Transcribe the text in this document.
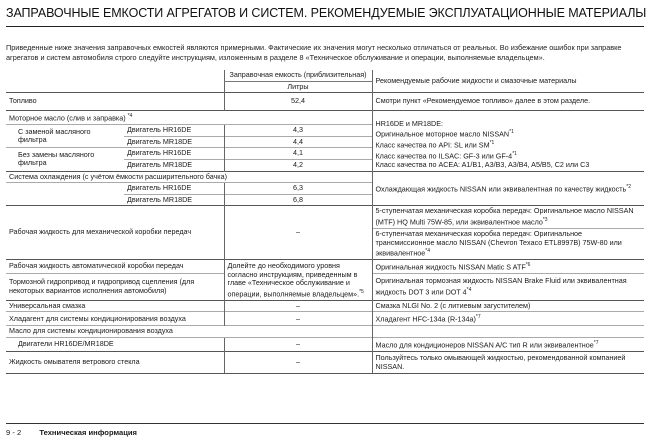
ЗАПРАВОЧНЫЕ ЕМКОСТИ АГРЕГАТОВ И СИСТЕМ. РЕКОМЕНДУЕМЫЕ ЭКСПЛУАТАЦИОННЫЕ МАТЕРИАЛЫ
Приведенные ниже значения заправочных емкостей являются примерными. Фактические их значения могут несколько отличаться от реальных. Во избежание ошибок при заправке агрегатов и систем автомобиля строго следуйте инструкциям, изложенным в разделе 8 «Техническое обслуживание и операции, выполняемые владельцем».
		Заправочная емкость (приблизительная)	Рекомендуемые рабочие жидкости и смазочные материалы
		Литры	
Топливо		52,4	Смотри пункт «Рекомендуемое топливо» далее в этом разделе.
Моторное масло (слив и заправка) $^{*4}$			HR16DE и MR18DE:
Оригинальное моторное масло NISSAN$^{*1}$
Класс качества по API: SL или SM$^{*1}$
Класс качества по ILSAC: GF-3 или GF-4$^{*1}$
Класс качества по ACEA: A1/B1, A3/B3, A3/B4, A5/B5, C2 или C3

С заменой масляного фильтра	Двигатель HR16DE	4,3	
	Двигатель MR18DE	4,4	
Без замены масляного фильтра	Двигатель HR16DE	4,1	
	Двигатель MR18DE	4,2	
Система охлаждения (с учётом ёмкости расширительного бачка)			Охлаждающая жидкость NISSAN или эквивалентная по качеству жидкость$^{*2}$
	Двигатель HR16DE	6,3	
	Двигатель MR18DE	6,8	
Рабочая жидкость для механической коробки передач		–	5-ступенчатая механическая коробка передач: Оригинальное масло NISSAN (MTF) HQ Multi 75W-85, или эквивалентное масло$^{*3}$
			6-ступенчатая механическая коробка передач: Оригинальное трансмиссионное масло NISSAN (Chevron Texaco ETL8997B) 75W-80 или эквивалентное$^{*4}$
Рабочая жидкость автоматической коробки передач		Долейте до необходимого уровня согласно инструкциям, приведенным в главе «Техническое обслуживание и операции, выполняемые владельцем».$^{*5}$	Оригинальная жидкость NISSAN Matic S ATF$^{*6}$
Тормозной гидропривод и гидропривод сцепления (для некоторых вариантов исполнения автомобиля)			Оригинальная тормозная жидкость NISSAN Brake Fluid или эквивалентная жидкость DOT 3 или DOT 4$^{*4}$
Универсальная смазка		–	Смазка NLGI No. 2 (с литиевым загустителем)
Хладагент для системы кондиционирования воздуха		–	Хладагент HFC-134a $(R-134a)^{*7}$
Масло для системы кондиционирования воздуха			
Двигатели HR16DE/MR18DE		–	Масло для кондиционеров NISSAN A/C тип R или эквивалентное$^{*7}$
Жидкость омывателя ветрового стекла		–	Пользуйтесь только омывающей жидкостью, рекомендованной компанией NISSAN.
9 - 2 Техническая информация
